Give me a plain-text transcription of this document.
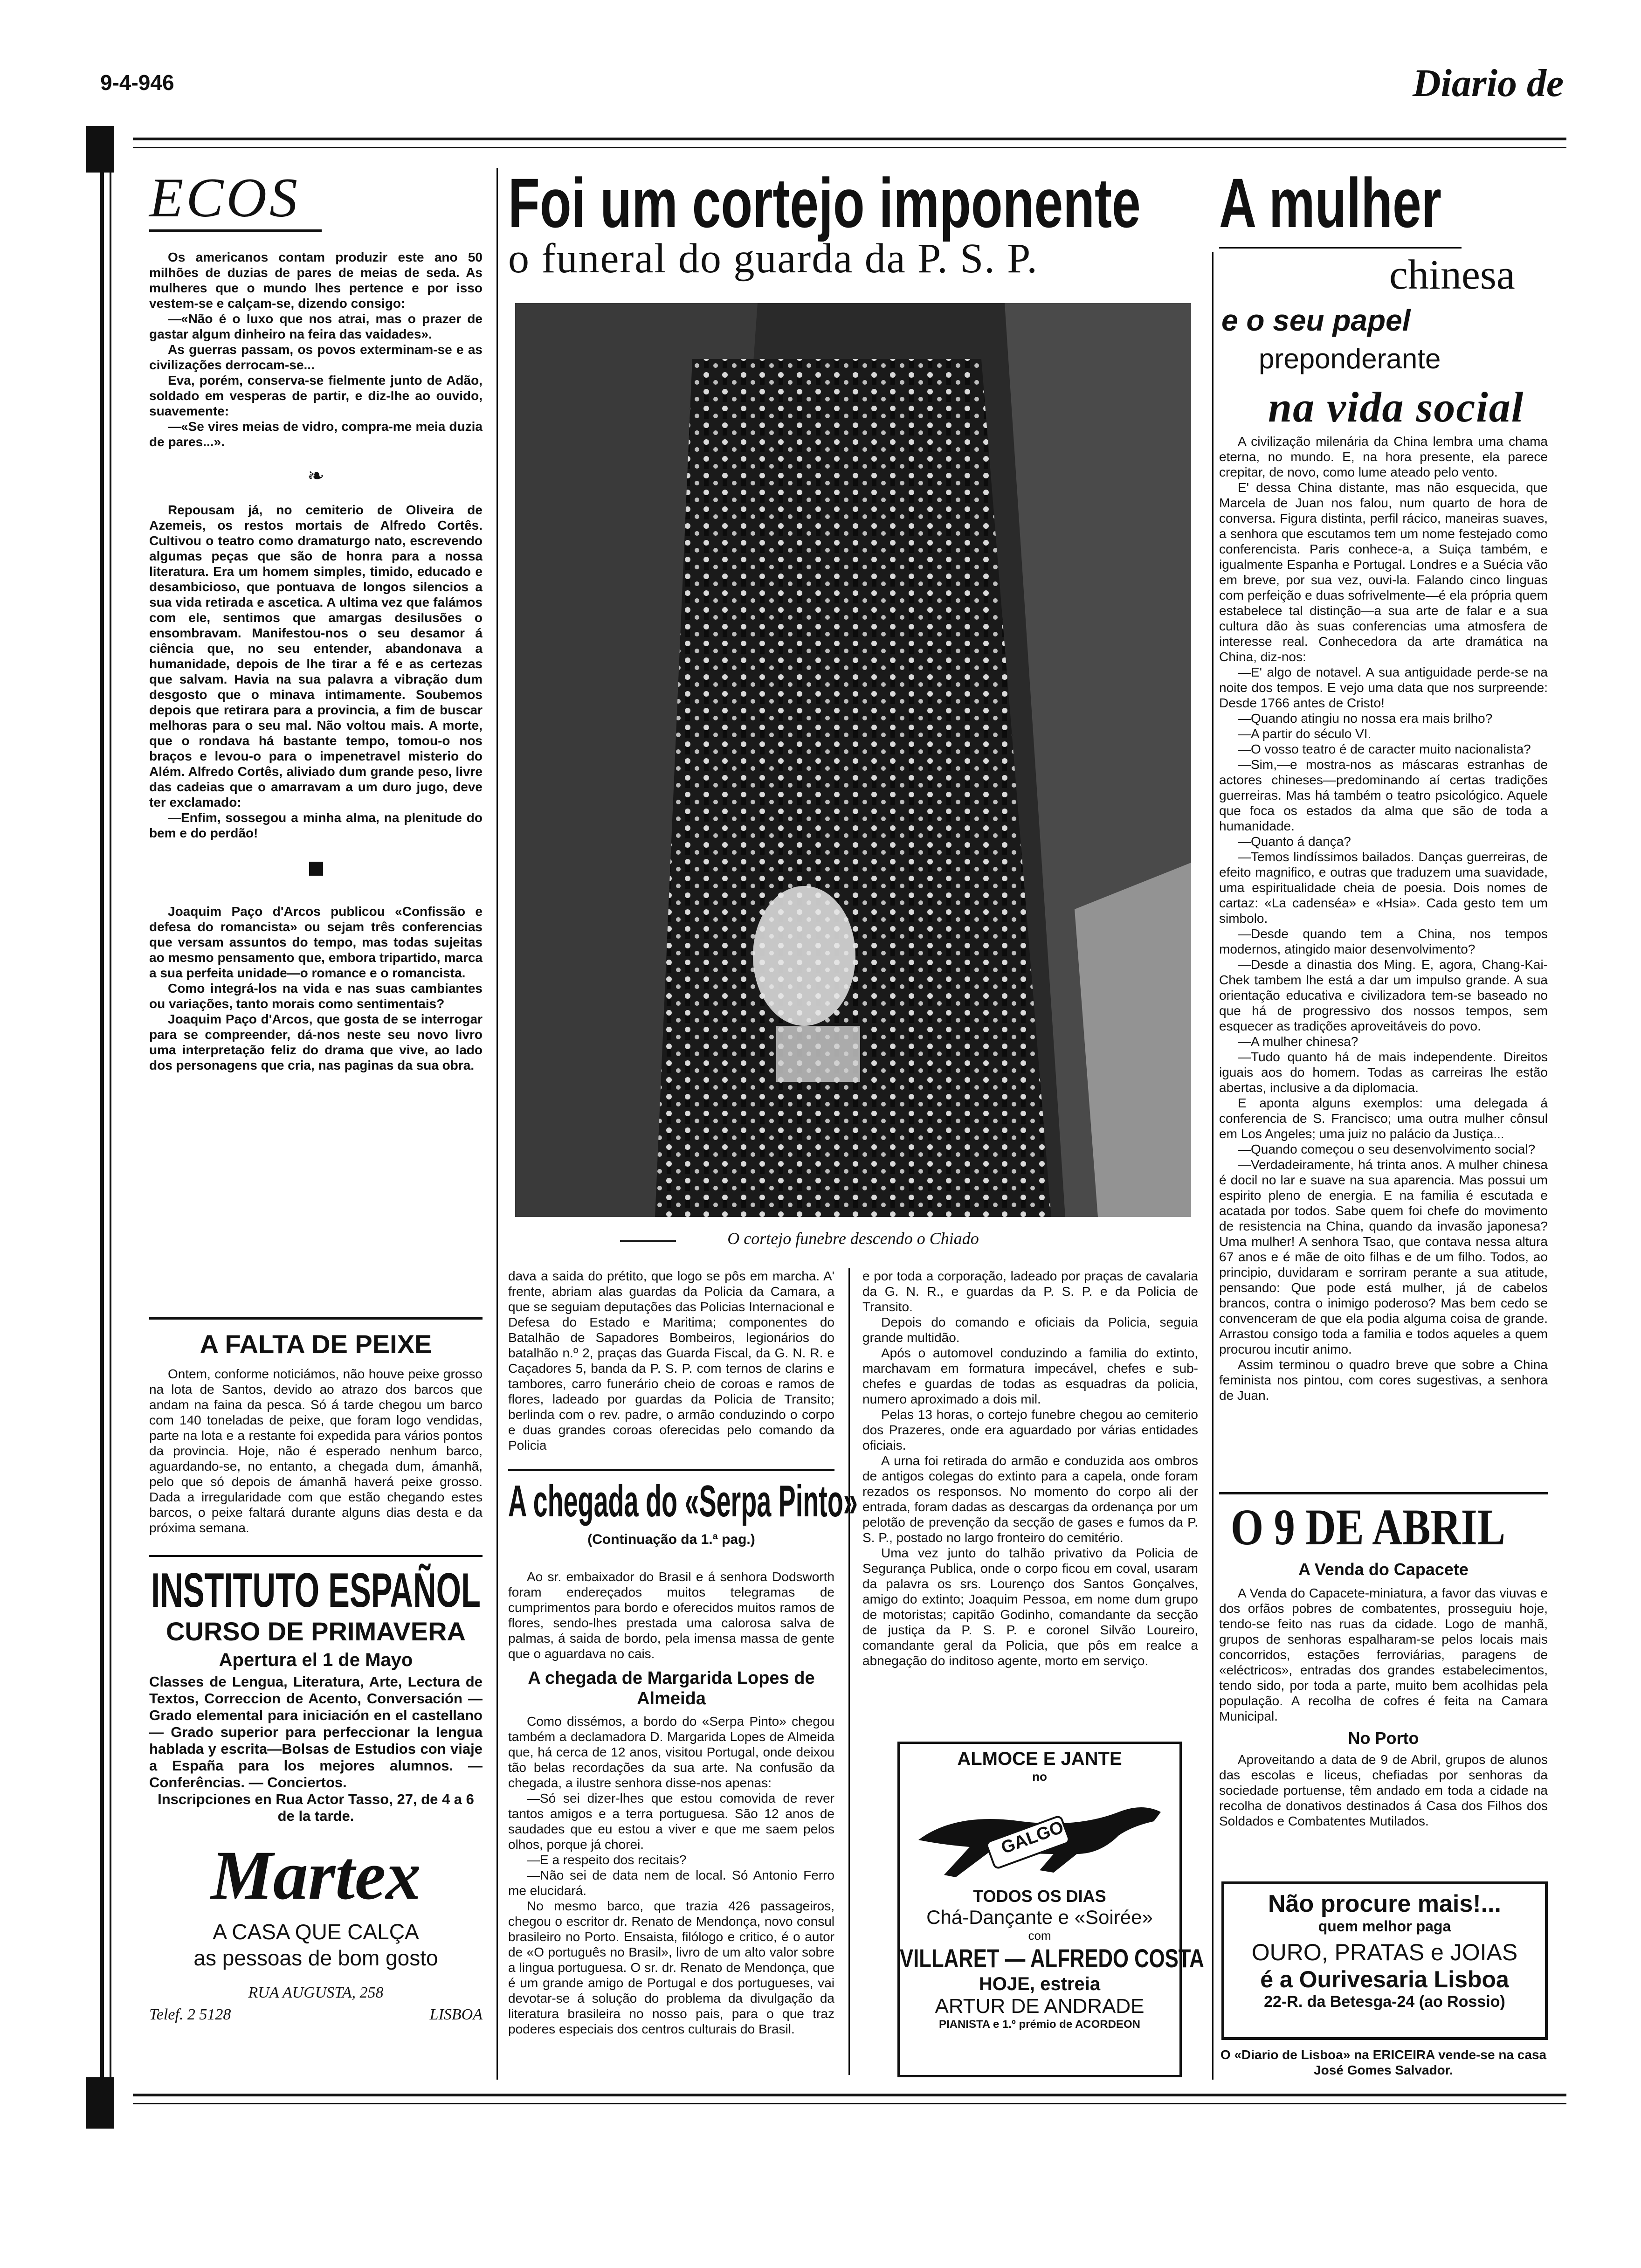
9-4-946	Diario de
ECOS

Os americanos contam produzir este ano 50 milhões de duzias de pares de meias de seda. As mulheres que o mundo lhes pertence e por isso vestem-se e calçam-se, dizendo consigo:

—«Não é o luxo que nos atrai, mas o prazer de gastar algum dinheiro na feira das vaidades».

As guerras passam, os povos exterminam-se e as civilizações derrocam-se...

Eva, porém, conserva-se fielmente junto de Adão, soldado em vesperas de partir, e diz-lhe ao ouvido, suavemente:

—«Se vires meias de vidro, compra-me meia duzia de pares...».

❧

Repousam já, no cemiterio de Oliveira de Azemeis, os restos mortais de Alfredo Cortês. Cultivou o teatro como dramaturgo nato, escrevendo algumas peças que são de honra para a nossa literatura. Era um homem simples, timido, educado e desambicioso, que pontuava de longos silencios a sua vida retirada e ascetica. A ultima vez que falámos com ele, sentimos que amargas desilusões o ensombravam. Manifestou-nos o seu desamor á ciência que, no seu entender, abandonava a humanidade, depois de lhe tirar a fé e as certezas que salvam. Havia na sua palavra a vibração dum desgosto que o minava intimamente. Soubemos depois que retirara para a provincia, a fim de buscar melhoras para o seu mal. Não voltou mais. A morte, que o rondava há bastante tempo, tomou-o nos braços e levou-o para o impenetravel misterio do Além. Alfredo Cortês, aliviado dum grande peso, livre das cadeias que o amarravam a um duro jugo, deve ter exclamado:

—Enfim, sossegou a minha alma, na plenitude do bem e do perdão!

Joaquim Paço d'Arcos publicou «Confissão e defesa do romancista» ou sejam três conferencias que versam assuntos do tempo, mas todas sujeitas ao mesmo pensamento que, embora tripartido, marca a sua perfeita unidade—o romance e o romancista.

Como integrá-los na vida e nas suas cambiantes ou variações, tanto morais como sentimentais?

Joaquim Paço d'Arcos, que gosta de se interrogar para se compreender, dá-nos neste seu novo livro uma interpretação feliz do drama que vive, ao lado dos personagens que cria, nas paginas da sua obra.

A FALTA DE PEIXE

Ontem, conforme noticiámos, não houve peixe grosso na lota de Santos, devido ao atrazo dos barcos que andam na faina da pesca. Só á tarde chegou um barco com 140 toneladas de peixe, que foram logo vendidas, parte na lota e a restante foi expedida para vários pontos da provincia. Hoje, não é esperado nenhum barco, aguardando-se, no entanto, a chegada dum, ámanhã, pelo que só depois de ámanhã haverá peixe grosso. Dada a irregularidade com que estão chegando estes barcos, o peixe faltará durante alguns dias desta e da próxima semana.

INSTITUTO ESPAÑOL
CURSO DE PRIMAVERA
Apertura el 1 de Mayo
Classes de Lengua, Literatura, Arte, Lectura de Textos, Correccion de Acento, Conversación — Grado elemental para iniciación en el castellano — Grado superior para perfeccionar la lengua hablada y escrita—Bolsas de Estudios con viaje a España para los mejores alumnos. — Conferências. — Conciertos.
Inscripciones en Rua Actor Tasso, 27, de 4 a 6 de la tarde.
Martex
A CASA QUE CALÇA
as pessoas de bom gosto
RUA AUGUSTA, 258
Telef. 2 5128	LISBOA
Foi um cortejo imponente
o funeral do guarda da P. S. P.
O cortejo funebre descendo o Chiado

dava a saida do prétito, que logo se pôs em marcha. A' frente, abriam alas guardas da Policia da Camara, a que se seguiam deputações das Policias Internacional e Defesa do Estado e Maritima; componentes do Batalhão de Sapadores Bombeiros, legionários do batalhão n.º 2, praças das Guarda Fiscal, da G. N. R. e Caçadores 5, banda da P. S. P. com ternos de clarins e tambores, carro funerário cheio de coroas e ramos de flores, ladeado por guardas da Policia de Transito; berlinda com o rev. padre, o armão conduzindo o corpo e duas grandes coroas oferecidas pelo comando da Policia

e por toda a corporação, ladeado por praças de cavalaria da G. N. R., e guardas da P. S. P. e da Policia de Transito.

Depois do comando e oficiais da Policia, seguia grande multidão.

Após o automovel conduzindo a familia do extinto, marchavam em formatura impecável, chefes e sub-chefes e guardas de todas as esquadras da policia, numero aproximado a dois mil.

Pelas 13 horas, o cortejo funebre chegou ao cemiterio dos Prazeres, onde era aguardado por várias entidades oficiais.

A urna foi retirada do armão e conduzida aos ombros de antigos colegas do extinto para a capela, onde foram rezados os responsos. No momento do corpo ali der entrada, foram dadas as descargas da ordenança por um pelotão de prevenção da secção de gases e fumos da P. S. P., postado no largo fronteiro do cemitério.

Uma vez junto do talhão privativo da Policia de Segurança Publica, onde o corpo ficou em coval, usaram da palavra os srs. Lourenço dos Santos Gonçalves, amigo do extinto; Joaquim Pessoa, em nome dum grupo de motoristas; capitão Godinho, comandante da secção de justiça da P. S. P. e coronel Silvão Loureiro, comandante geral da Policia, que pôs em realce a abnegação do inditoso agente, morto em serviço.

A chegada do «Serpa Pinto»
(Continuação da 1.ª pag.)

Ao sr. embaixador do Brasil e á senhora Dodsworth foram endereçados muitos telegramas de cumprimentos para bordo e oferecidos muitos ramos de flores, sendo-lhes prestada uma calorosa salva de palmas, á saida de bordo, pela imensa massa de gente que o aguardava no cais.

A chegada de Margarida Lopes de Almeida

Como dissémos, a bordo do «Serpa Pinto» chegou também a declamadora D. Margarida Lopes de Almeida que, há cerca de 12 anos, visitou Portugal, onde deixou tão belas recordações da sua arte. Na confusão da chegada, a ilustre senhora disse-nos apenas:

—Só sei dizer-lhes que estou comovida de rever tantos amigos e a terra portuguesa. São 12 anos de saudades que eu estou a viver e que me saem pelos olhos, porque já chorei.

—E a respeito dos recitais?

—Não sei de data nem de local. Só Antonio Ferro me elucidará.

No mesmo barco, que trazia 426 passageiros, chegou o escritor dr. Renato de Mendonça, novo consul brasileiro no Porto. Ensaista, filólogo e critico, é o autor de «O português no Brasil», livro de um alto valor sobre a lingua portuguesa. O sr. dr. Renato de Mendonça, que é um grande amigo de Portugal e dos portugueses, vai devotar-se á solução do problema da divulgação da literatura brasileira no nosso pais, para o que traz poderes especiais dos centros culturais do Brasil.

ALMOCE E JANTE
no
GALGO
TODOS OS DIAS
Chá-Dançante e «Soirée»
com
VILLARET — ALFREDO COSTA
HOJE, estreia
ARTUR DE ANDRADE
PIANISTA e 1.º prémio de ACORDEON
A mulher
chinesa
e o seu papel
preponderante
na vida social

A civilização milenária da China lembra uma chama eterna, no mundo. E, na hora presente, ela parece crepitar, de novo, como lume ateado pelo vento.

E' dessa China distante, mas não esquecida, que Marcela de Juan nos falou, num quarto de hora de conversa. Figura distinta, perfil rácico, maneiras suaves, a senhora que escutamos tem um nome festejado como conferencista. Paris conhece-a, a Suiça também, e igualmente Espanha e Portugal. Londres e a Suécia vão em breve, por sua vez, ouvi-la. Falando cinco linguas com perfeição e duas sofrivelmente—é ela própria quem estabelece tal distinção—a sua arte de falar e a sua cultura dão às suas conferencias uma atmosfera de interesse real. Conhecedora da arte dramática na China, diz-nos:

—E' algo de notavel. A sua antiguidade perde-se na noite dos tempos. E vejo uma data que nos surpreende: Desde 1766 antes de Cristo!

—Quando atingiu no nossa era mais brilho?

—A partir do século VI.

—O vosso teatro é de caracter muito nacionalista?

—Sim,—e mostra-nos as máscaras estranhas de actores chineses—predominando aí certas tradições guerreiras. Mas há também o teatro psicológico. Aquele que foca os estados da alma que são de toda a humanidade.

—Quanto á dança?

—Temos lindíssimos bailados. Danças guerreiras, de efeito magnifico, e outras que traduzem uma suavidade, uma espiritualidade cheia de poesia. Dois nomes de cartaz: «La cadenséa» e «Hsia». Cada gesto tem um simbolo.

—Desde quando tem a China, nos tempos modernos, atingido maior desenvolvimento?

—Desde a dinastia dos Ming. E, agora, Chang-Kai-Chek tambem lhe está a dar um impulso grande. A sua orientação educativa e civilizadora tem-se baseado no que há de progressivo dos nossos tempos, sem esquecer as tradições aproveitáveis do povo.

—A mulher chinesa?

—Tudo quanto há de mais independente. Direitos iguais aos do homem. Todas as carreiras lhe estão abertas, inclusive a da diplomacia.

E aponta alguns exemplos: uma delegada á conferencia de S. Francisco; uma outra mulher cônsul em Los Angeles; uma juiz no palácio da Justiça...

—Quando começou o seu desenvolvimento social?

—Verdadeiramente, há trinta anos. A mulher chinesa é docil no lar e suave na sua aparencia. Mas possui um espirito pleno de energia. E na familia é escutada e acatada por todos. Sabe quem foi chefe do movimento de resistencia na China, quando da invasão japonesa? Uma mulher! A senhora Tsao, que contava nessa altura 67 anos e é mãe de oito filhas e de um filho. Todos, ao principio, duvidaram e sorriram perante a sua atitude, pensando: Que pode está mulher, já de cabelos brancos, contra o inimigo poderoso? Mas bem cedo se convenceram de que ela podia alguma coisa de grande. Arrastou consigo toda a familia e todos aqueles a quem procurou incutir animo.

Assim terminou o quadro breve que sobre a China feminista nos pintou, com cores sugestivas, a senhora de Juan.

O 9 DE ABRIL
A Venda do Capacete

A Venda do Capacete-miniatura, a favor das viuvas e dos orfãos pobres de combatentes, prosseguiu hoje, tendo-se feito nas ruas da cidade. Logo de manhã, grupos de senhoras espalharam-se pelos locais mais concorridos, estações ferroviárias, paragens de «eléctricos», entradas dos grandes estabelecimentos, tendo sido, por toda a parte, muito bem acolhidas pela população. A recolha de cofres é feita na Camara Municipal.

No Porto

Aproveitando a data de 9 de Abril, grupos de alunos das escolas e liceus, chefiadas por senhoras da sociedade portuense, têm andado em toda a cidade na recolha de donativos destinados á Casa dos Filhos dos Soldados e Combatentes Mutilados.

Não procure mais!...
quem melhor paga
OURO, PRATAS e JOIAS
é a Ourivesaria Lisboa
22-R. da Betesga-24 (ao Rossio)
O «Diario de Lisboa» na ERICEIRA vende-se na casa José Gomes Salvador.
